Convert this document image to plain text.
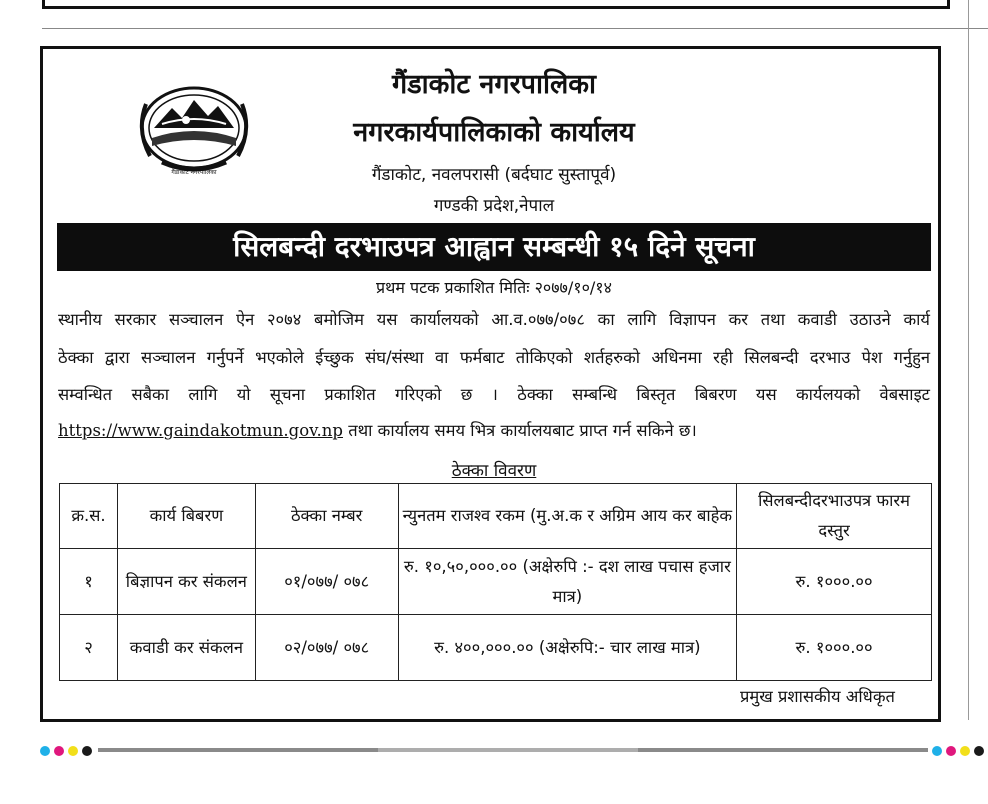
गैंडाकोट नगरपालिका
गैंडाकोट नगरपालिका
नगरकार्यपालिकाको कार्यालय
गैंडाकोट, नवलपरासी (बर्दघाट सुस्तापूर्व)
गण्डकी प्रदेश,नेपाल
सिलबन्दी दरभाउपत्र आह्वान सम्बन्धी १५ दिने सूचना
प्रथम पटक प्रकाशित मितिः २०७७/१०/१४
स्थानीय सरकार सञ्चालन ऐन २०७४ बमोजिम यस कार्यालयको आ.व.०७७/०७८ का लागि विज्ञापन कर तथा कवाडी उठाउने कार्य
ठेक्का द्वारा सञ्चालन गर्नुपर्ने भएकोले ईच्छुक संघ/संस्था वा फर्मबाट तोकिएको शर्तहरुको अधिनमा रही सिलबन्दी दरभाउ पेश गर्नुहुन
सम्वन्धित सबैका लागि यो सूचना प्रकाशित गरिएको छ । ठेक्का सम्बन्धि बिस्तृत बिबरण यस कार्यलयको वेबसाइट
https://www.gaindakotmun.gov.np तथा कार्यालय समय भित्र कार्यालयबाट प्राप्त गर्न सकिने छ।
ठेक्का विवरण
क्र.स.	कार्य बिबरण	ठेक्का नम्बर	न्युनतम राजश्व रकम (मु.अ.क र अग्रिम आय कर बाहेक	सिलबन्दीदरभाउपत्र फारम दस्तुर
१	बिज्ञापन कर संकलन	०१/०७७/ ०७८	रु. १०,५०,०००.०० (अक्षेरुपि :- दश लाख पचास हजार मात्र)	रु. १०००.००
२	कवाडी कर संकलन	०२/०७७/ ०७८	रु. ४००,०००.०० (अक्षेरुपि:- चार लाख मात्र)	रु. १०००.००
प्रमुख प्रशासकीय अधिकृत
